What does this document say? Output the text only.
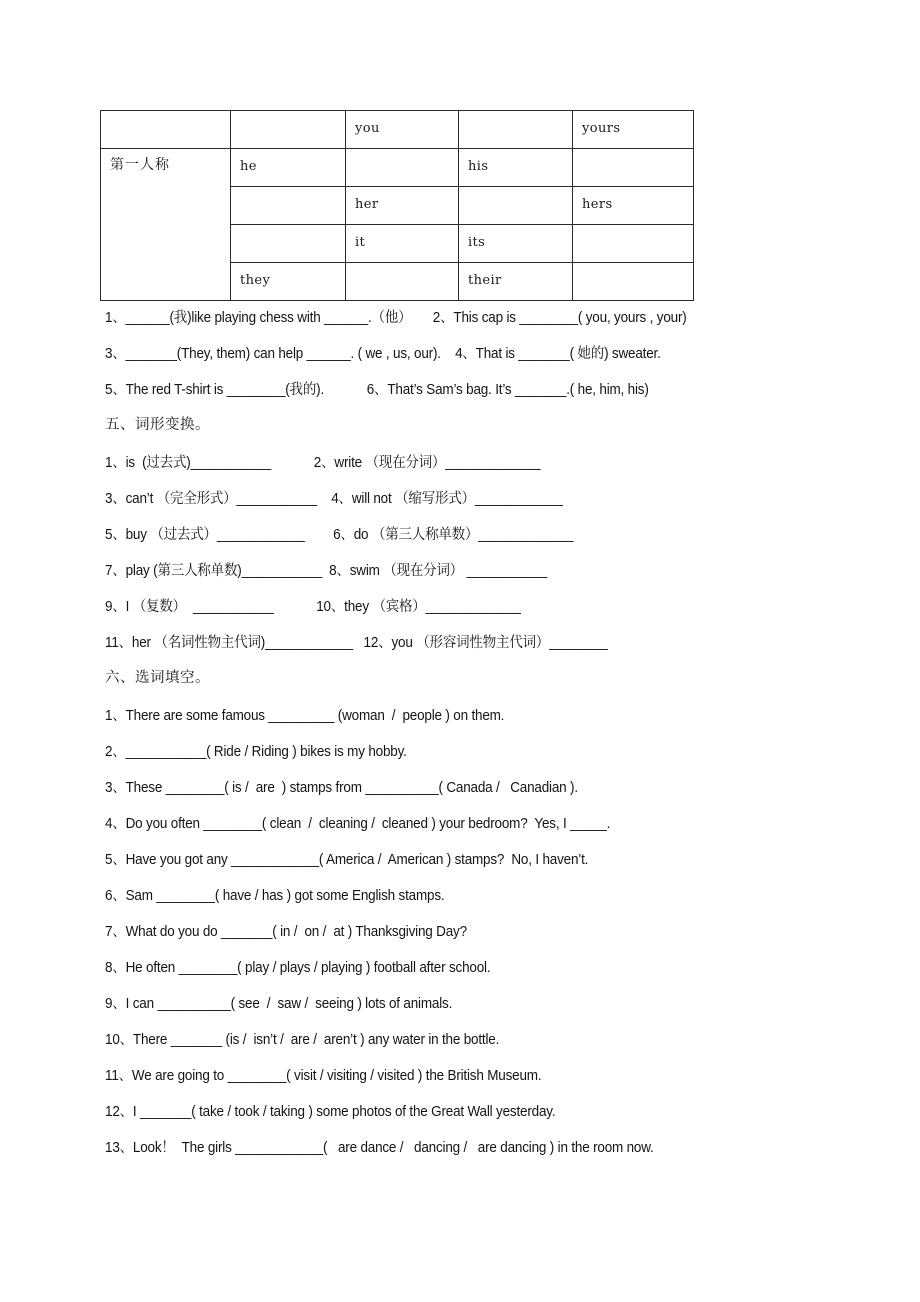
		you		yours
第一人称	he		his	
		her		hers
		it	its	
	they		their	
1、______(我)like playing chess with ______.（他）      2、This cap is ________( you, yours , your)
3、_______(They, them) can help ______. ( we , us, our).    4、That is _______( 她的) sweater.
5、The red T-shirt is ________(我的).            6、That’s Sam’s bag. It’s _______.( he, him, his)
五、词形变换。
1、is  (过去式)___________            2、write （现在分词）_____________
3、can’t （完全形式）___________    4、will not （缩写形式）____________
5、buy （过去式）____________        6、do （第三人称单数）_____________
7、play (第三人称单数)___________  8、swim （现在分词） ___________
9、I （复数）  ___________            10、they （宾格）_____________
11、her （名词性物主代词)____________   12、you （形容词性物主代词）________
六、选词填空。
1、There are some famous _________ (woman  /  people ) on them.
2、___________( Ride / Riding ) bikes is my hobby.
3、These ________( is /  are  ) stamps from __________( Canada /   Canadian ).
4、Do you often ________( clean  /  cleaning /  cleaned ) your bedroom?  Yes, I _____.
5、Have you got any ____________( America /  American ) stamps?  No, I haven’t.
6、Sam ________( have / has ) got some English stamps.
7、What do you do _______( in /  on /  at ) Thanksgiving Day?
8、He often ________( play / plays / playing ) football after school.
9、I can __________( see  /  saw /  seeing ) lots of animals.
10、There _______ (is /  isn’t /  are /  aren’t ) any water in the bottle.
11、We are going to ________( visit / visiting / visited ) the British Museum.
12、I _______( take / took / taking ) some photos of the Great Wall yesterday.
13、Look！  The girls ____________(   are dance /   dancing /   are dancing ) in the room now.
